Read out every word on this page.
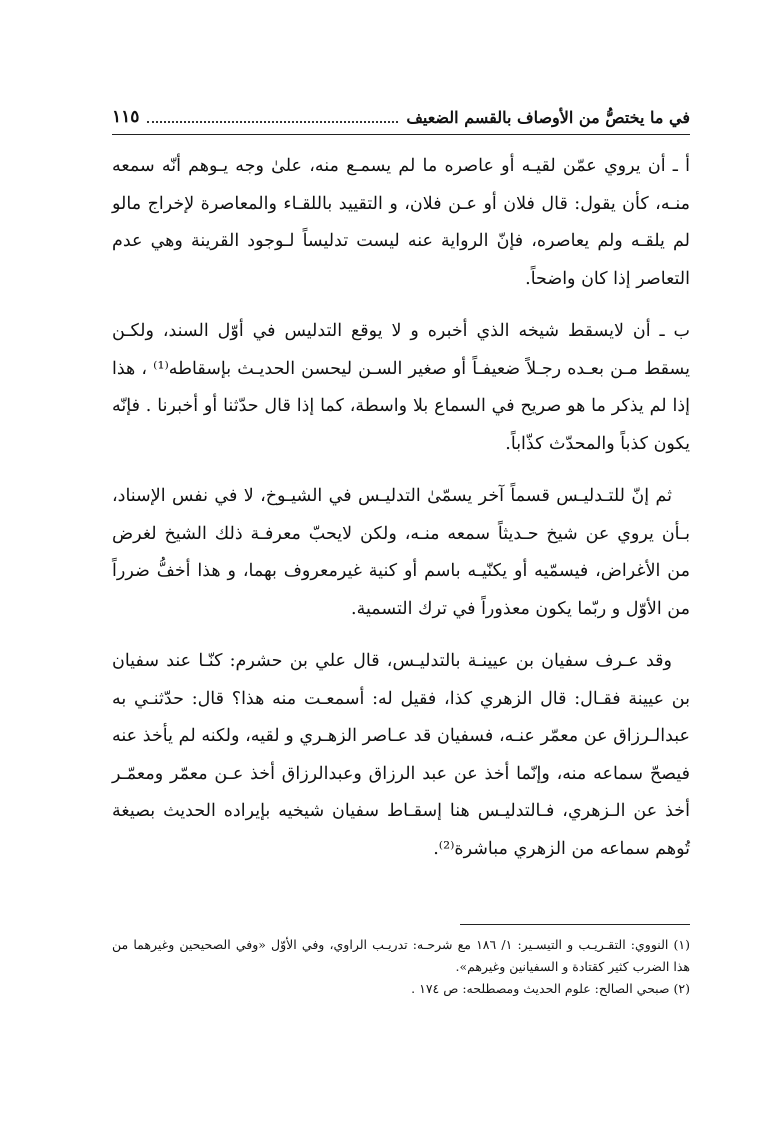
في ما يختصُّ من الأوصاف بالقسم الضعيف
١١٥

أ ـ أن يروي عمّن لقيـه أو عاصره ما لم يسمـع منه، علىٰ وجه يـوهم أنّه سمعه منـه، كأن يقول: قال فلان أو عـن فلان، و التقييد باللقـاء والمعاصرة لإخراج مالو لم يلقـه ولم يعاصره، فإنّ الرواية عنه ليست تدليساً لـوجود القرينة وهي عدم التعاصر إذا كان واضحاً.

ب ـ أن لايسقط شيخه الذي أخبره و لا يوقع التدليس في أوّل السند، ولكـن يسقط مـن بعـده رجـلاً ضعيفـاً أو صغير السـن ليحسن الحديـث بإسقاطه⁽¹⁾ ، هذا إذا لم يذكر ما هو صريح في السماع بلا واسطة، كما إذا قال حدّثنا أو أخبرنا . فإنّه يكون كذباً والمحدّث كذّاباً.

ثم إنّ للتـدليـس قسماً آخر يسمّىٰ التدليـس في الشيـوخ، لا في نفس الإسناد، بـأن يروي عن شيخ حـديثاً سمعه منـه، ولكن لايحبّ معرفـة ذلك الشيخ لغرض من الأغراض، فيسمّيه أو يكنّيـه باسم أو كنية غيرمعروف بهما، و هذا أخفُّ ضرراً من الأوّل و ربّما يكون معذوراً في ترك التسمية.

وقد عـرف سفيان بن عيينـة بالتدليـس، قال علي بن حشرم: كنّـا عند سفيان بن عيينة فقـال: قال الزهري كذا، فقيل له: أسمعـت منه هذا؟ قال: حدّثنـي به عبدالـرزاق عن معمّر عنـه، فسفيان قد عـاصر الزهـري و لقيه، ولكنه لم يأخذ عنه فيصحّ سماعه منه، وإنّما أخذ عن عبد الرزاق وعبدالرزاق أخذ عـن معمّر ومعمّـر أخذ عن الـزهري، فـالتدليـس هنا إسقـاط سفيان شيخيه بإيراده الحديث بصيغة تُوهم سماعه من الزهري مباشرة⁽²⁾.

(١) النووي: التقـريـب و التيسـير: ١/ ١٨٦ مع شرحـه: تدريـب الراوي، وفي الأوّل «وفي الصحيحين وغيرهما من هذا الضرب كثير كقتادة و السفيانين وغيرهم».

(٢) صبحي الصالح: علوم الحديث ومصطلحه: ص ١٧٤ .
